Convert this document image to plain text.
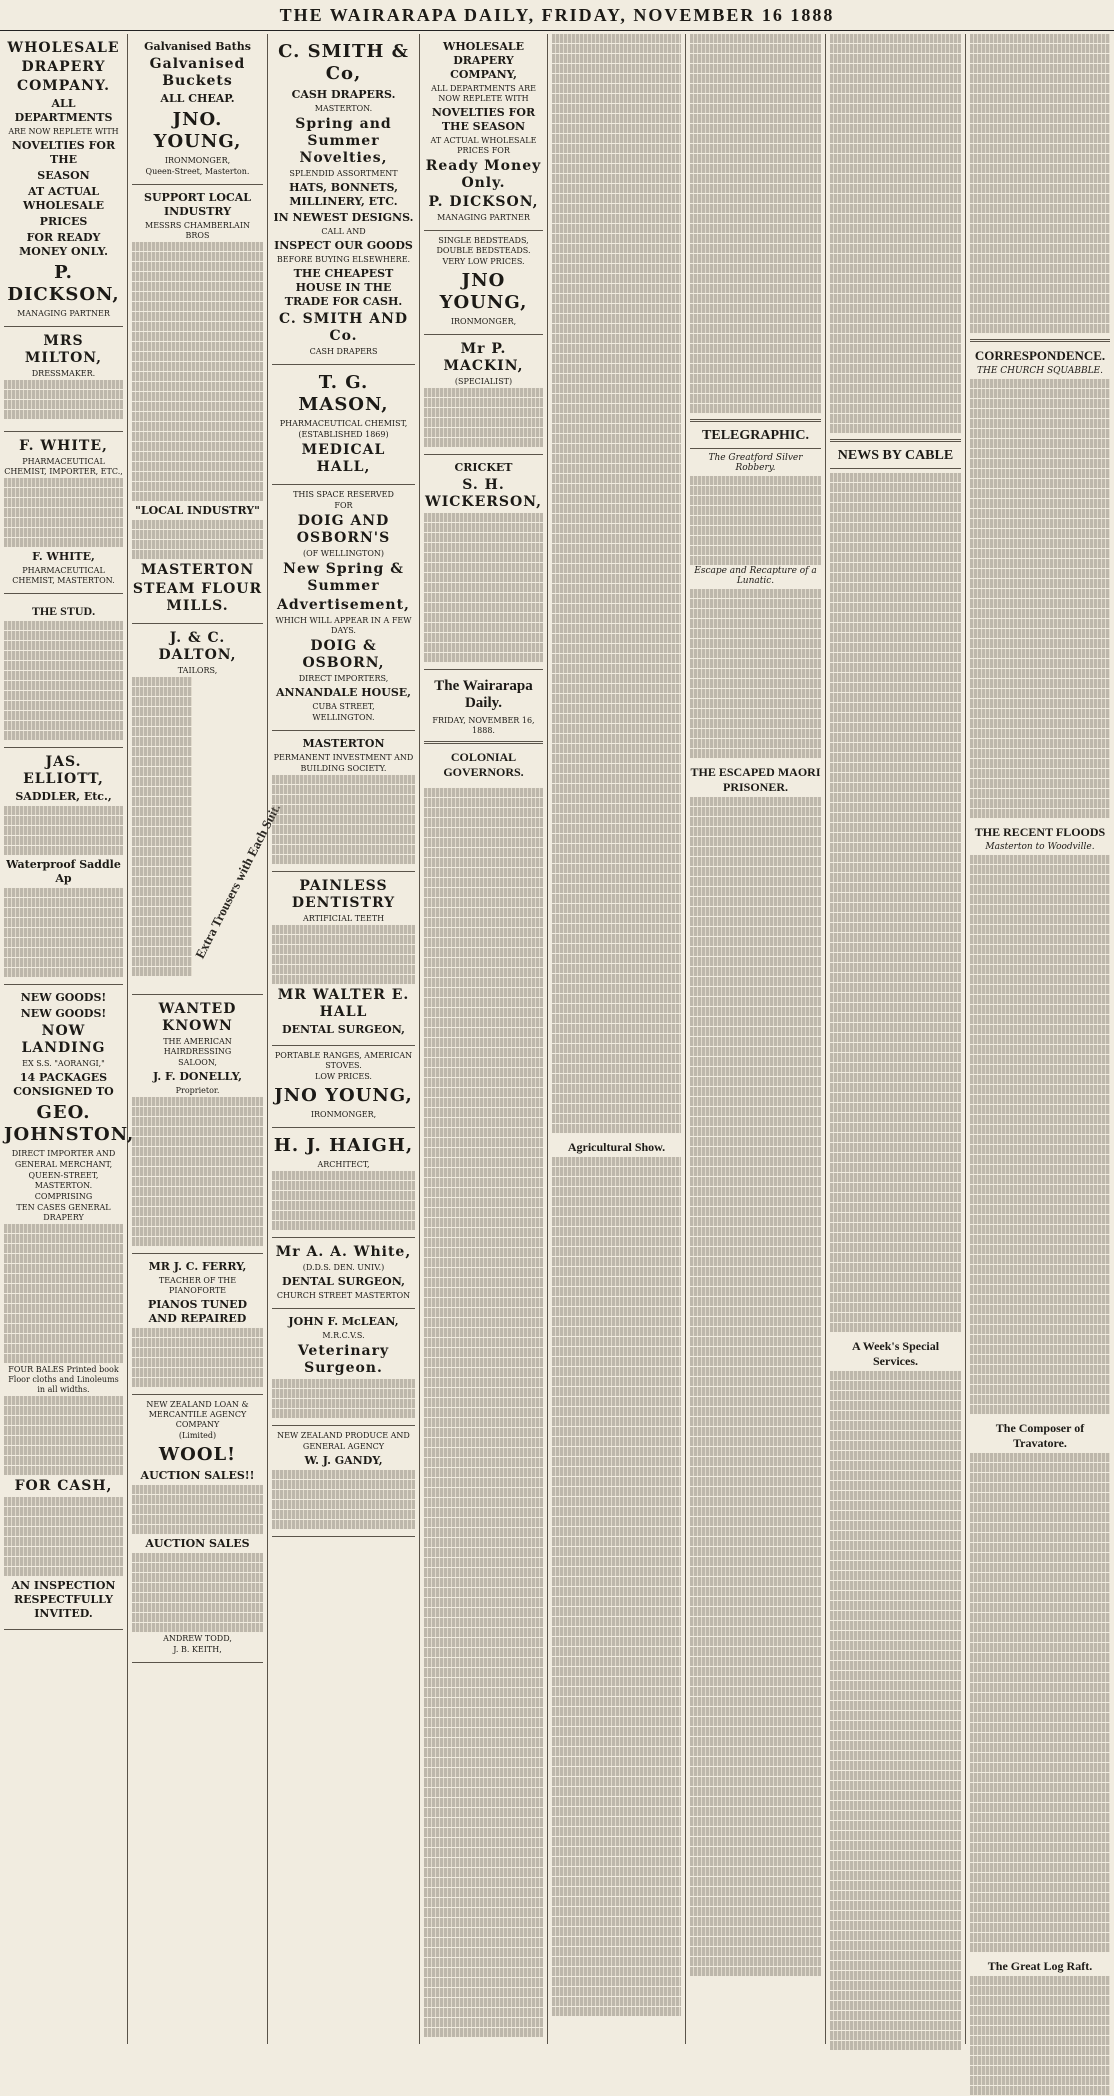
THE WAIRARAPA DAILY, FRIDAY, NOVEMBER 16 1888
WHOLESALE
DRAPERY
COMPANY.
ALL DEPARTMENTS
ARE NOW REPLETE WITH
NOVELTIES FOR THE
SEASON
AT ACTUAL WHOLESALE
PRICES
FOR READY MONEY ONLY.
P. DICKSON,
MANAGING PARTNER
MRS MILTON,
DRESSMAKER.
F. WHITE,
PHARMACEUTICAL CHEMIST, IMPORTER, ETC.,
F. WHITE,
PHARMACEUTICAL CHEMIST, MASTERTON.
THE STUD.
JAS. ELLIOTT,
SADDLER, Etc.,
Waterproof Saddle Ap
NEW GOODS!
NEW GOODS!
NOW LANDING
EX S.S. "AORANGI,"
14 PACKAGES CONSIGNED TO
GEO. JOHNSTON,
DIRECT IMPORTER AND
GENERAL MERCHANT,
QUEEN-STREET, MASTERTON.
COMPRISING
TEN CASES GENERAL DRAPERY
FOUR BALES Printed book Floor cloths and Linoleums in all widths.
FOR CASH,
AN INSPECTION RESPECTFULLY INVITED.
Galvanised Baths
Galvanised Buckets
ALL CHEAP.
JNO. YOUNG,
IRONMONGER,
Queen-Street, Masterton.
SUPPORT LOCAL INDUSTRY
MESSRS CHAMBERLAIN BROS
"LOCAL INDUSTRY"
MASTERTON
STEAM FLOUR MILLS.
J. & C. DALTON,
TAILORS,
Extra Trousers with Each Suit.
WANTED KNOWN
THE AMERICAN HAIRDRESSING
SALOON,
J. F. DONELLY,
Proprietor.
MR J. C. FERRY,
TEACHER OF THE PIANOFORTE
PIANOS TUNED AND REPAIRED
NEW ZEALAND LOAN & MERCANTILE AGENCY COMPANY
(Limited)
WOOL!
AUCTION SALES!!
AUCTION SALES
ANDREW TODD,
J. B. KEITH,
C. SMITH & Co,
CASH DRAPERS.
MASTERTON.
Spring and Summer Novelties,
SPLENDID ASSORTMENT
HATS, BONNETS, MILLINERY, ETC.
IN NEWEST DESIGNS.
CALL AND
INSPECT OUR GOODS
BEFORE BUYING ELSEWHERE.
THE CHEAPEST HOUSE IN THE TRADE FOR CASH.
C. SMITH AND Co.
CASH DRAPERS
T. G. MASON,
PHARMACEUTICAL CHEMIST,
(ESTABLISHED 1869)
MEDICAL HALL,
THIS SPACE RESERVED
FOR
DOIG AND OSBORN'S
(OF WELLINGTON)
New Spring & Summer
Advertisement,
WHICH WILL APPEAR IN A FEW DAYS.
DOIG & OSBORN,
DIRECT IMPORTERS,
ANNANDALE HOUSE,
CUBA STREET,
WELLINGTON.
MASTERTON
PERMANENT INVESTMENT AND
BUILDING SOCIETY.
PAINLESS DENTISTRY
ARTIFICIAL TEETH
MR WALTER E. HALL
DENTAL SURGEON,
PORTABLE RANGES, AMERICAN STOVES.
LOW PRICES.
JNO YOUNG,
IRONMONGER,
H. J. HAIGH,
ARCHITECT,
Mr A. A. White,
(D.D.S. DEN. UNIV.)
DENTAL SURGEON,
CHURCH STREET MASTERTON
JOHN F. McLEAN,
M.R.C.V.S.
Veterinary Surgeon.
NEW ZEALAND PRODUCE AND
GENERAL AGENCY
W. J. GANDY,
WHOLESALE DRAPERY COMPANY,
ALL DEPARTMENTS ARE NOW REPLETE WITH
NOVELTIES FOR THE SEASON
AT ACTUAL WHOLESALE PRICES FOR
Ready Money Only.
P. DICKSON,
MANAGING PARTNER
SINGLE BEDSTEADS, DOUBLE BEDSTEADS.
VERY LOW PRICES.
JNO YOUNG,
IRONMONGER,
Mr P. MACKIN,
(SPECIALIST)
CRICKET
S. H. WICKERSON,
The Wairarapa Daily.
FRIDAY, NOVEMBER 16, 1888.
COLONIAL GOVERNORS.
Agricultural Show.
TELEGRAPHIC.
The Greatford Silver Robbery.
Escape and Recapture of a Lunatic.
THE ESCAPED MAORI PRISONER.
NEWS BY CABLE
A Week's Special Services.
CORRESPONDENCE.
THE CHURCH SQUABBLE.
THE RECENT FLOODS
Masterton to Woodville.
The Composer of Travatore.
The Great Log Raft.
